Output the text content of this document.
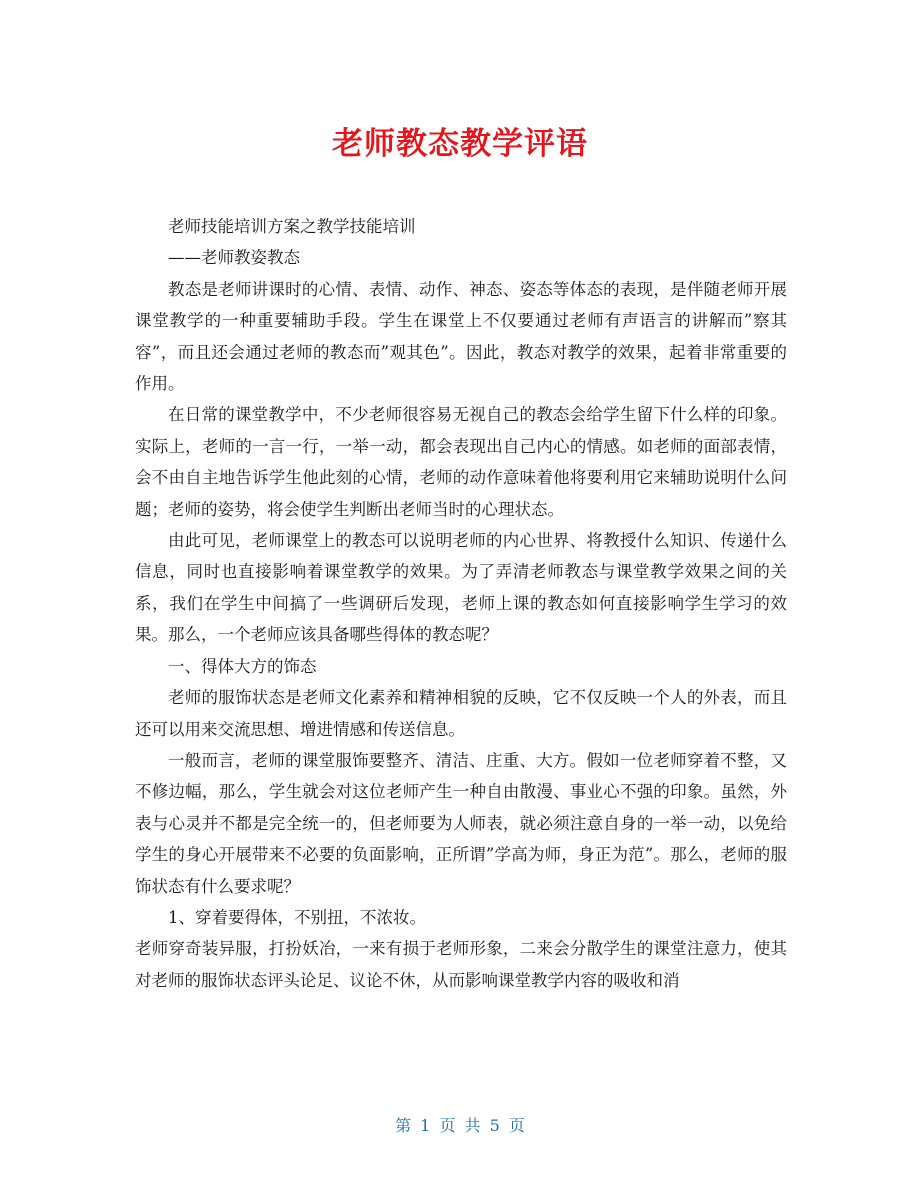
老师教态教学评语

老师技能培训方案之教学技能培训

——老师教姿教态

教态是老师讲课时的心情、表情、动作、神态、姿态等体态的表现，是伴随老师开展课堂教学的一种重要辅助手段。学生在课堂上不仅要通过老师有声语言的讲解而”察其容”，而且还会通过老师的教态而”观其色”。因此，教态对教学的效果，起着非常重要的作用。

在日常的课堂教学中，不少老师很容易无视自己的教态会给学生留下什么样的印象。实际上，老师的一言一行，一举一动，都会表现出自己内心的情感。如老师的面部表情，会不由自主地告诉学生他此刻的心情，老师的动作意味着他将要利用它来辅助说明什么问题；老师的姿势，将会使学生判断出老师当时的心理状态。

由此可见，老师课堂上的教态可以说明老师的内心世界、将教授什么知识、传递什么信息，同时也直接影响着课堂教学的效果。为了弄清老师教态与课堂教学效果之间的关系，我们在学生中间搞了一些调研后发现，老师上课的教态如何直接影响学生学习的效果。那么，一个老师应该具备哪些得体的教态呢？

一、得体大方的饰态

老师的服饰状态是老师文化素养和精神相貌的反映，它不仅反映一个人的外表，而且还可以用来交流思想、增进情感和传送信息。

一般而言，老师的课堂服饰要整齐、清洁、庄重、大方。假如一位老师穿着不整，又不修边幅，那么，学生就会对这位老师产生一种自由散漫、事业心不强的印象。虽然，外表与心灵并不都是完全统一的，但老师要为人师表，就必须注意自身的一举一动，以免给学生的身心开展带来不必要的负面影响，正所谓”学高为师，身正为范”。那么，老师的服饰状态有什么要求呢？

1、穿着要得体，不别扭，不浓妆。

老师穿奇装异服，打扮妖冶，一来有损于老师形象，二来会分散学生的课堂注意力，使其对老师的服饰状态评头论足、议论不休，从而影响课堂教学内容的吸收和消

第 1 页 共 5 页
